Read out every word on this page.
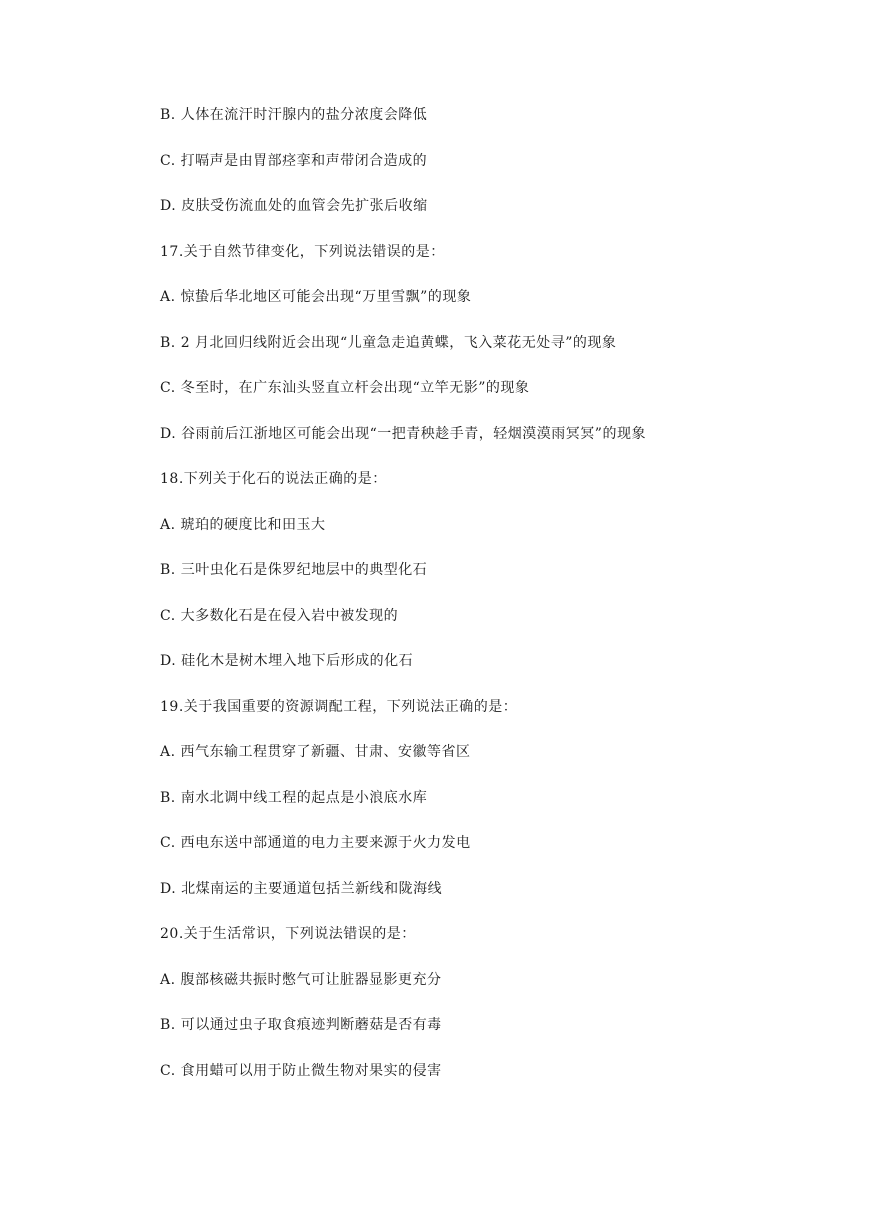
B. 人体在流汗时汗腺内的盐分浓度会降低
C. 打嗝声是由胃部痉挛和声带闭合造成的
D. 皮肤受伤流血处的血管会先扩张后收缩
17.关于自然节律变化，下列说法错误的是：
A. 惊蛰后华北地区可能会出现“万里雪飘”的现象
B. 2 月北回归线附近会出现“儿童急走追黄蝶，飞入菜花无处寻”的现象
C. 冬至时，在广东汕头竖直立杆会出现“立竿无影”的现象
D. 谷雨前后江浙地区可能会出现“一把青秧趁手青，轻烟漠漠雨冥冥”的现象
18.下列关于化石的说法正确的是：
A. 琥珀的硬度比和田玉大
B. 三叶虫化石是侏罗纪地层中的典型化石
C. 大多数化石是在侵入岩中被发现的
D. 硅化木是树木埋入地下后形成的化石
19.关于我国重要的资源调配工程，下列说法正确的是：
A. 西气东输工程贯穿了新疆、甘肃、安徽等省区
B. 南水北调中线工程的起点是小浪底水库
C. 西电东送中部通道的电力主要来源于火力发电
D. 北煤南运的主要通道包括兰新线和陇海线
20.关于生活常识，下列说法错误的是：
A. 腹部核磁共振时憋气可让脏器显影更充分
B. 可以通过虫子取食痕迹判断蘑菇是否有毒
C. 食用蜡可以用于防止微生物对果实的侵害
